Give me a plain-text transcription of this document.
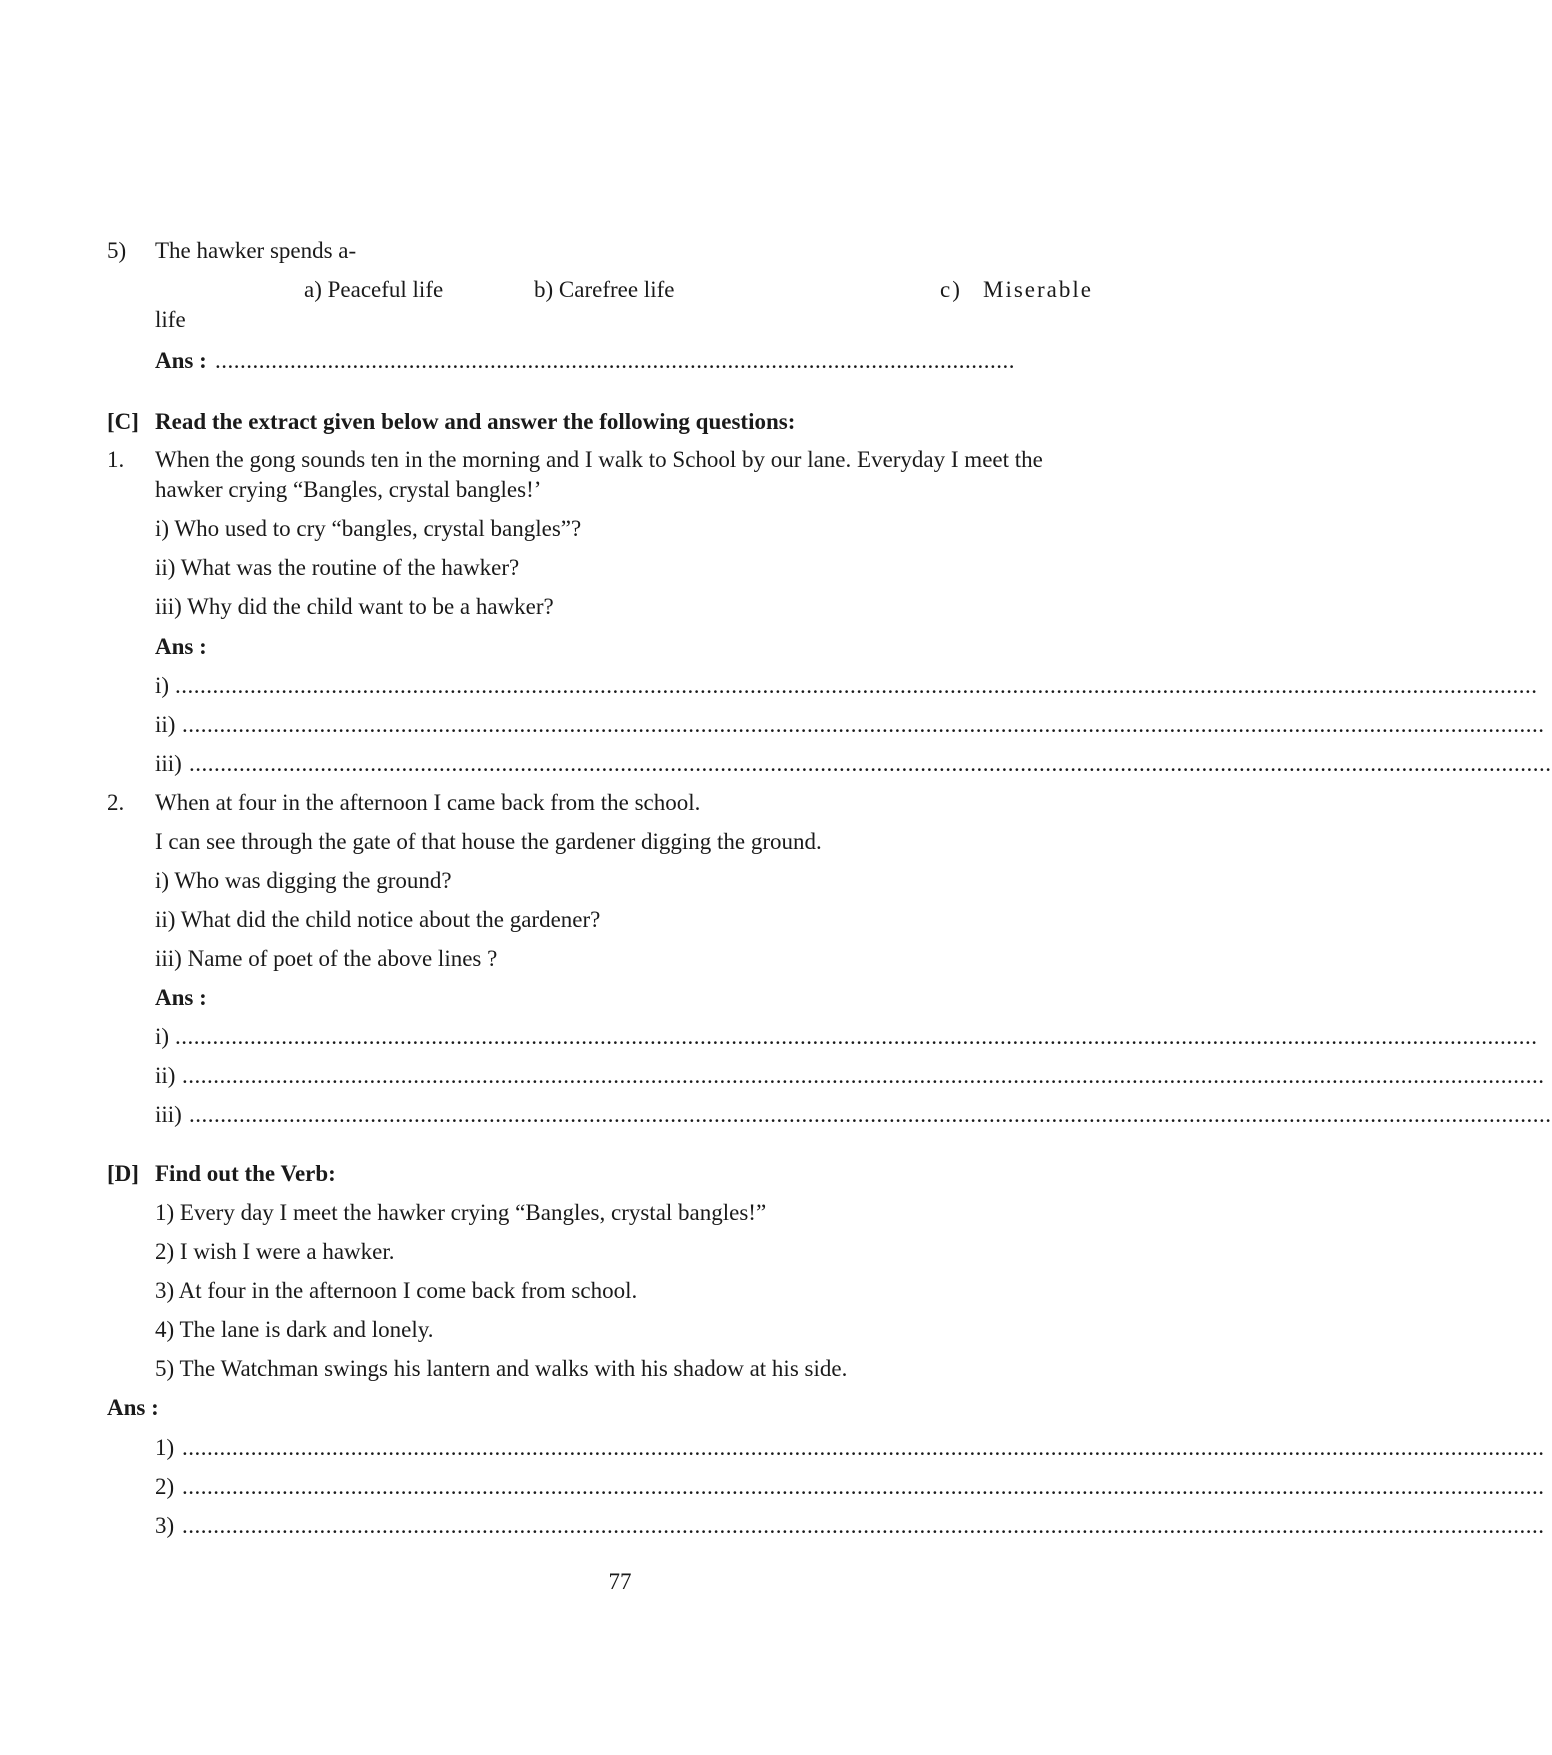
5) The hawker spends a-
a) Peaceful life	b) Carefree life	c) Miserable
life
Ans : ................................................................................................................................
[C] Read the extract given below and answer the following questions:
1. When the gong sounds ten in the morning and I walk to School by our lane. Everyday I meet the
hawker crying “Bangles, crystal bangles!’
i) Who used to cry “bangles, crystal bangles”?
ii) What was the routine of the hawker?
iii) Why did the child want to be a hawker?
Ans :
i) ..........................................................................................................................................................................................................................
ii) ..........................................................................................................................................................................................................................
iii) ..........................................................................................................................................................................................................................
2. When at four in the afternoon I came back from the school.
I can see through the gate of that house the gardener digging the ground.
i) Who was digging the ground?
ii) What did the child notice about the gardener?
iii) Name of poet of the above lines ?
Ans :
i) ..........................................................................................................................................................................................................................
ii) ..........................................................................................................................................................................................................................
iii) ..........................................................................................................................................................................................................................
[D] Find out the Verb:
1) Every day I meet the hawker crying “Bangles, crystal bangles!”
2) I wish I were a hawker.
3) At four in the afternoon I come back from school.
4) The lane is dark and lonely.
5) The Watchman swings his lantern and walks with his shadow at his side.
Ans :
1) ..........................................................................................................................................................................................................................
2) ..........................................................................................................................................................................................................................
3) ..........................................................................................................................................................................................................................
77
